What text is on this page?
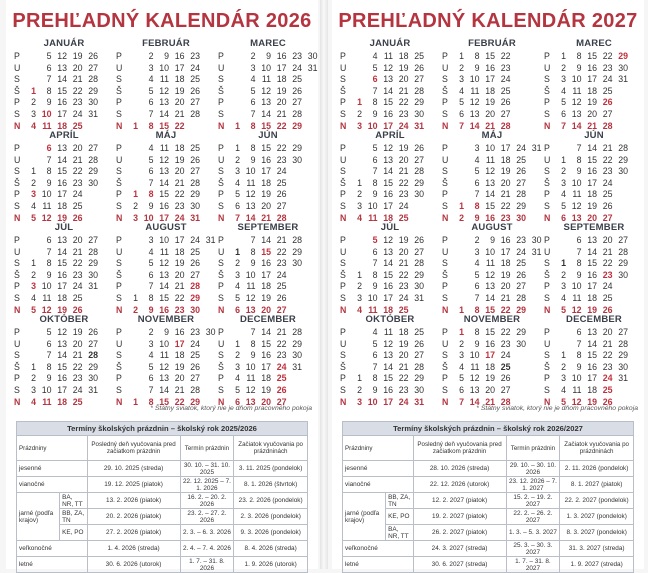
PREHĽADNÝ KALENDÁR 2026
JANUÁR
P	5 12 19 26
U	6 13 20 27
S	7 14 21 28
Š	1	8 15 22 29
P	2	9 16 23 30
S	3 10 17 24 31
N	4 11 18 25
FEBRUÁR
P	2	9 16 23
U	3 10 17 24
S	4 11 18 25
Š	5 12 19 26
P	6 13 20 27
S	7 14 21 28
N	1	8 15 22
MAREC
P	2	9 16 23 30
U	3 10 17 24 31
S	4 11 18 25
Š	5 12 19 26
P	6 13 20 27
S	7 14 21 28
N	1	8 15 22 29
APRÍL
P	6 13 20 27
U	7 14 21 28
S	1	8 15 22 29
Š	2	9 16 23 30
P	3 10 17 24
S	4 11 18 25
N	5 12 19 26
MÁJ
P	4 11 18 25
U	5 12 19 26
S	6 13 20 27
Š	7 14 21 28
P	1	8 15 22 29
S	2	9 16 23 30
N	3 10 17 24 31
JÚN
P	1	8 15 22 29
U	2	9 16 23 30
S	3 10 17 24
Š	4 11 18 25
P	5 12 19 26
S	6 13 20 27
N	7 14 21 28
JÚL
P	6 13 20 27
U	7 14 21 28
S	1	8 15 22 29
Š	2	9 16 23 30
P	3 10 17 24 31
S	4 11 18 25
N	5 12 19 26
AUGUST
P	3 10 17 24 31
U	4 11 18 25
S	5 12 19 26
Š	6 13 20 27
P	7 14 21 28
S	1	8 15 22 29
N	2	9 16 23 30
SEPTEMBER
P	7 14 21 28
U	1	8 15 22 29
S	2	9 16 23 30
Š	3 10 17 24
P	4 11 18 25
S	5 12 19 26
N	6 13 20 27
OKTÓBER
P	5 12 19 26
U	6 13 20 27
S	7 14 21 28
Š	1	8 15 22 29
P	2	9 16 23 30
S	3 10 17 24 31
N	4 11 18 25
NOVEMBER
P	2	9 16 23 30
U	3 10 17 24
S	4 11 18 25
Š	5 12 19 26
P	6 13 20 27
S	7 14 21 28
N	1	8 15 22 29
DECEMBER
P	7 14 21 28
U	1	8 15 22 29
S	2	9 16 23 30
Š	3 10 17 24 31
P	4 11 18 25
S	5 12 19 26
N	6 13 20 27
* Štátny sviatok, ktorý nie je dňom pracovného pokoja
Termíny školských prázdnin – školský rok 2025/2026				
Prázdniny		Posledný deň vyučovania pred začiatkom prázdnin	Termín prázdnin	Začiatok vyučovania po prázdninách
jesenné		29. 10. 2025 (streda)	30. 10. – 31. 10. 2025	3. 11. 2025 (pondelok)
vianočné		19. 12. 2025 (piatok)	22. 12. 2025 – 7. 1. 2026	8. 1. 2026 (štvrtok)
jarné (podľa krajov)	BA, NR, TT	13. 2. 2026 (piatok)	16. 2. – 20. 2. 2026	23. 2. 2026 (pondelok)
	BB, ZA, TN	20. 2. 2026 (piatok)	23. 2. – 27. 2. 2026	2. 3. 2026 (pondelok)
	KE, PO	27. 2. 2026 (piatok)	2. 3. – 6. 3. 2026	9. 3. 2026 (pondelok)
veľkonočné		1. 4. 2026 (streda)	2. 4. – 7. 4. 2026	8. 4. 2026 (streda)
letné		30. 6. 2026 (utorok)	1. 7. – 31. 8. 2026	1. 9. 2026 (utorok)
PREHĽADNÝ KALENDÁR 2027
JANUÁR
P	4 11 18 25
U	5 12 19 26
S	6 13 20 27
Š	7 14 21 28
P	1	8 15 22 29
S	2	9 16 23 30
N	3 10 17 24 31
FEBRUÁR
P	1	8 15 22
U	2	9 16 23
S	3 10 17 24
Š	4 11 18 25
P	5 12 19 26
S	6 13 20 27
N	7 14 21 28
MAREC
P	1	8 15 22 29
U	2	9 16 23 30
S	3 10 17 24 31
Š	4 11 18 25
P	5 12 19 26
S	6 13 20 27
N	7 14 21 28
APRÍL
P	5 12 19 26
U	6 13 20 27
S	7 14 21 28
Š	1	8 15 22 29
P	2	9 16 23 30
S	3 10 17 24
N	4 11 18 25
MÁJ
P	3 10 17 24 31
U	4 11 18 25
S	5 12 19 26
Š	6 13 20 27
P	7 14 21 28
S	1	8 15 22 29
N	2	9 16 23 30
JÚN
P	7 14 21 28
U	1	8 15 22 29
S	2	9 16 23 30
Š	3 10 17 24
P	4 11 18 25
S	5 12 19 26
N	6 13 20 27
JÚL
P	5 12 19 26
U	6 13 20 27
S	7 14 21 28
Š	1	8 15 22 29
P	2	9 16 23 30
S	3 10 17 24 31
N	4 11 18 25
AUGUST
P	2	9 16 23 30
U	3 10 17 24 31
S	4 11 18 25
Š	5 12 19 26
P	6 13 20 27
S	7 14 21 28
N	1	8 15 22 29
SEPTEMBER
P	6 13 20 27
U	7 14 21 28
S	1	8 15 22 29
Š	2	9 16 23 30
P	3 10 17 24
S	4 11 18 25
N	5 12 19 26
OKTÓBER
P	4 11 18 25
U	5 12 19 26
S	6 13 20 27
Š	7 14 21 28
P	1	8 15 22 29
S	2	9 16 23 30
N	3 10 17 24 31
NOVEMBER
P	1	8 15 22 29
U	2	9 16 23 30
S	3 10 17 24
Š	4 11 18 25
P	5 12 19 26
S	6 13 20 27
N	7 14 21 28
DECEMBER
P	6 13 20 27
U	7 14 21 28
S	1	8 15 22 29
Š	2	9 16 23 30
P	3 10 17 24 31
S	4 11 18 25
N	5 12 19 26
* Štátny sviatok, ktorý nie je dňom pracovného pokoja
Termíny školských prázdnin – školský rok 2026/2027				
Prázdniny		Posledný deň vyučovania pred začiatkom prázdnin	Termín prázdnin	Začiatok vyučovania po prázdninách
jesenné		28. 10. 2026 (streda)	29. 10. – 30. 10. 2026	2. 11. 2026 (pondelok)
vianočné		22. 12. 2026 (utorok)	23. 12. 2026 – 7. 1. 2027	8. 1. 2027 (piatok)
jarné (podľa krajov)	BB, ZA, TN	12. 2. 2027 (piatok)	15. 2. – 19. 2. 2027	22. 2. 2027 (pondelok)
	KE, PO	19. 2. 2027 (piatok)	22. 2. – 26. 2. 2027	1. 3. 2027 (pondelok)
	BA, NR, TT	26. 2. 2027 (piatok)	1. 3. – 5. 3. 2027	8. 3. 2027 (pondelok)
veľkonočné		24. 3. 2027 (streda)	25. 3. – 30. 3. 2027	31. 3. 2027 (streda)
letné		30. 6. 2027 (streda)	1. 7. – 31. 8. 2027	1. 9. 2027 (streda)
